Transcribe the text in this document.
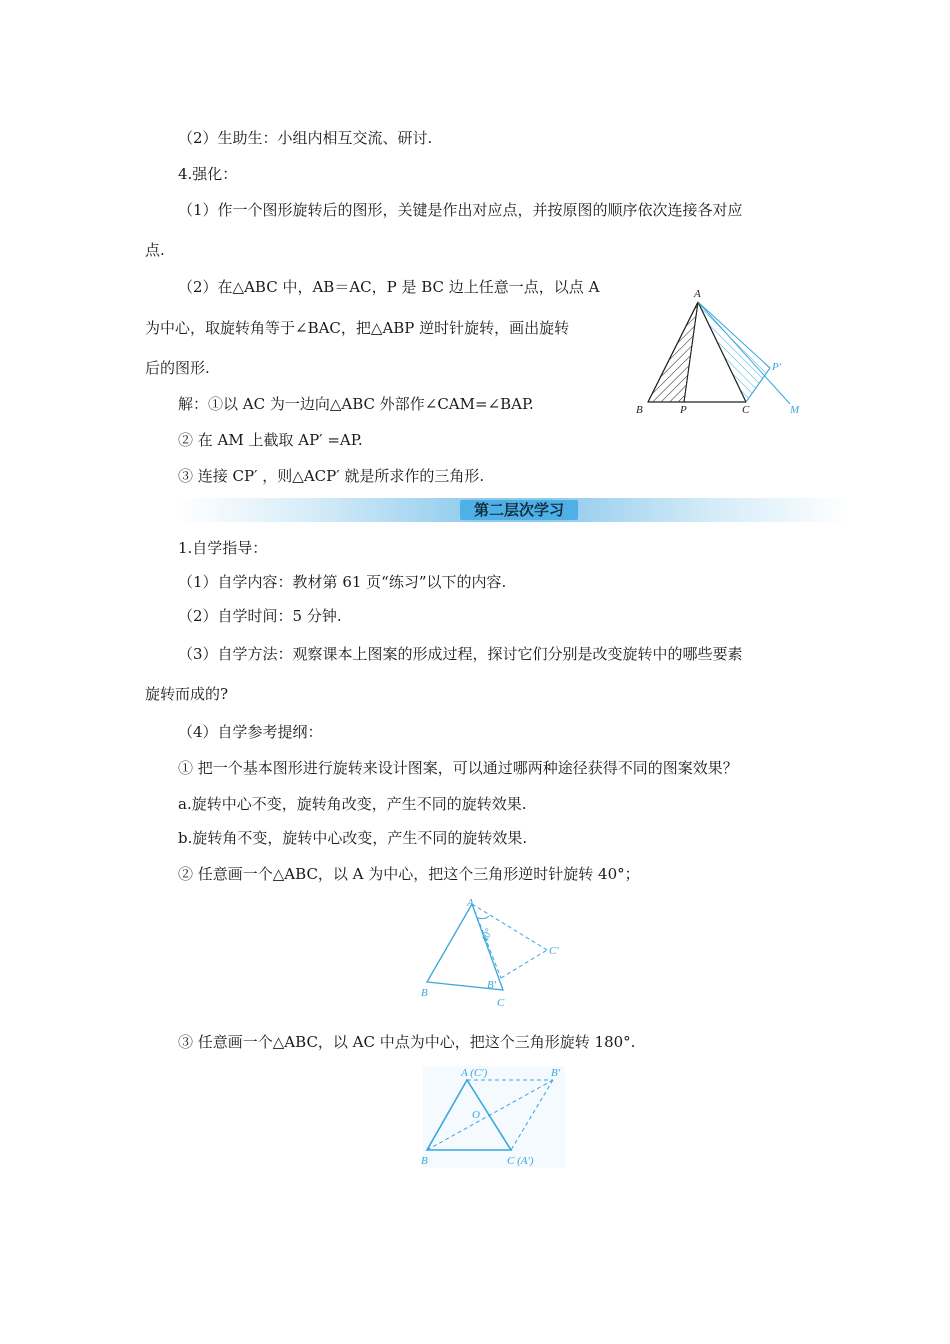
（2）生助生：小组内相互交流、研讨.
4.强化：
（1）作一个图形旋转后的图形，关键是作出对应点，并按原图的顺序依次连接各对应
点.
（2）在△ABC 中，AB＝AC，P 是 BC 边上任意一点，以点 A
为中心，取旋转角等于∠BAC，把△ABP 逆时针旋转，画出旋转
后的图形.
解：①以 AC 为一边向△ABC 外部作∠CAM=∠BAP.
② 在 AM 上截取 AP′ =AP.
③ 连接 CP′ ，则△ACP′ 就是所求作的三角形.
第二层次学习
1.自学指导：
（1）自学内容：教材第 61 页“练习”以下的内容.
（2）自学时间：5 分钟.
（3）自学方法：观察课本上图案的形成过程，探讨它们分别是改变旋转中的哪些要素
旋转而成的?
（4）自学参考提纲：
① 把一个基本图形进行旋转来设计图案，可以通过哪两种途径获得不同的图案效果？
a.旋转中心不变，旋转角改变，产生不同的旋转效果.
b.旋转角不变，旋转中心改变，产生不同的旋转效果.
② 任意画一个△ABC，以 A 为中心，把这个三角形逆时针旋转 40°；
③ 任意画一个△ABC，以 AC 中点为中心，把这个三角形旋转 180°.
A
B	P	C
P′
M
A
B
C
B′
C′
40°
A (C′)	B′
O
B	C (A′)
